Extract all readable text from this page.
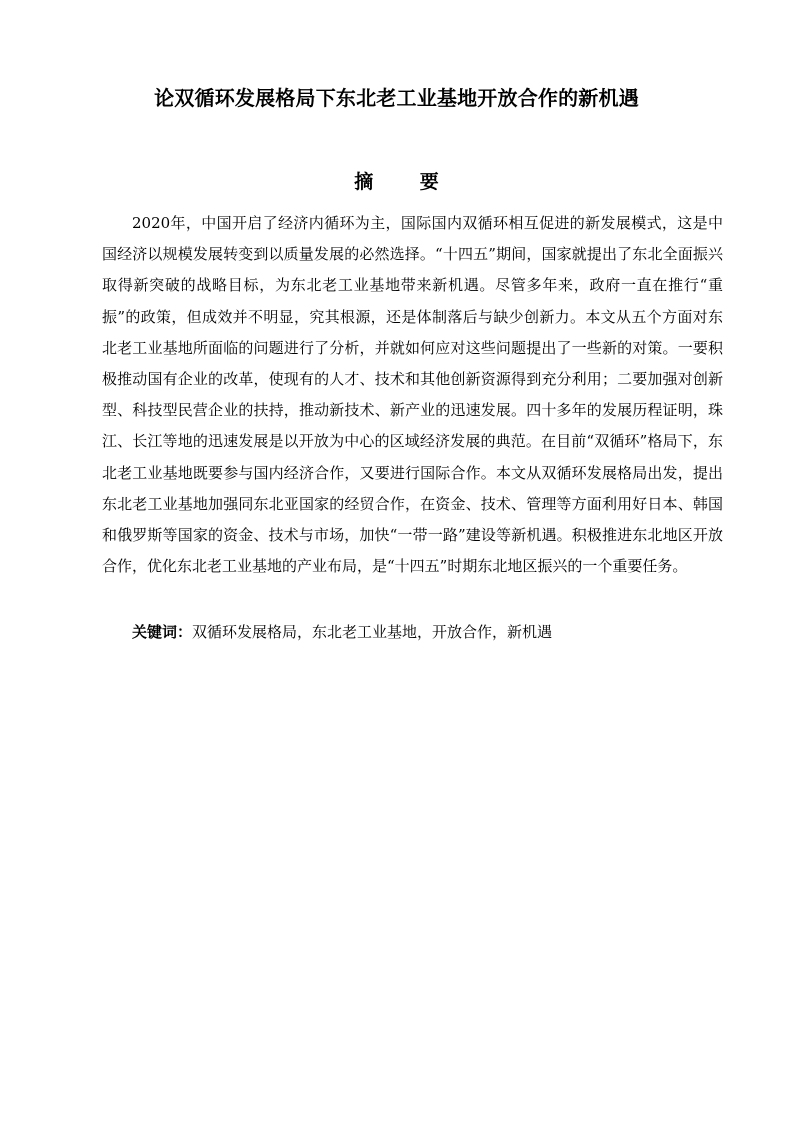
论双循环发展格局下东北老工业基地开放合作的新机遇
摘 要

2020年，中国开启了经济内循环为主，国际国内双循环相互促进的新发展模式，这是中国经济以规模发展转变到以质量发展的必然选择。“十四五”期间，国家就提出了东北全面振兴取得新突破的战略目标，为东北老工业基地带来新机遇。尽管多年来，政府一直在推行“重振”的政策，但成效并不明显，究其根源，还是体制落后与缺少创新力。本文从五个方面对东北老工业基地所面临的问题进行了分析，并就如何应对这些问题提出了一些新的对策。一要积极推动国有企业的改革，使现有的人才、技术和其他创新资源得到充分利用；二要加强对创新型、科技型民营企业的扶持，推动新技术、新产业的迅速发展。四十多年的发展历程证明，珠江、长江等地的迅速发展是以开放为中心的区域经济发展的典范。在目前“双循环”格局下，东北老工业基地既要参与国内经济合作，又要进行国际合作。本文从双循环发展格局出发，提出东北老工业基地加强同东北亚国家的经贸合作，在资金、技术、管理等方面利用好日本、韩国和俄罗斯等国家的资金、技术与市场，加快“一带一路”建设等新机遇。积极推进东北地区开放合作，优化东北老工业基地的产业布局，是“十四五”时期东北地区振兴的一个重要任务。

关键词：双循环发展格局，东北老工业基地，开放合作，新机遇
